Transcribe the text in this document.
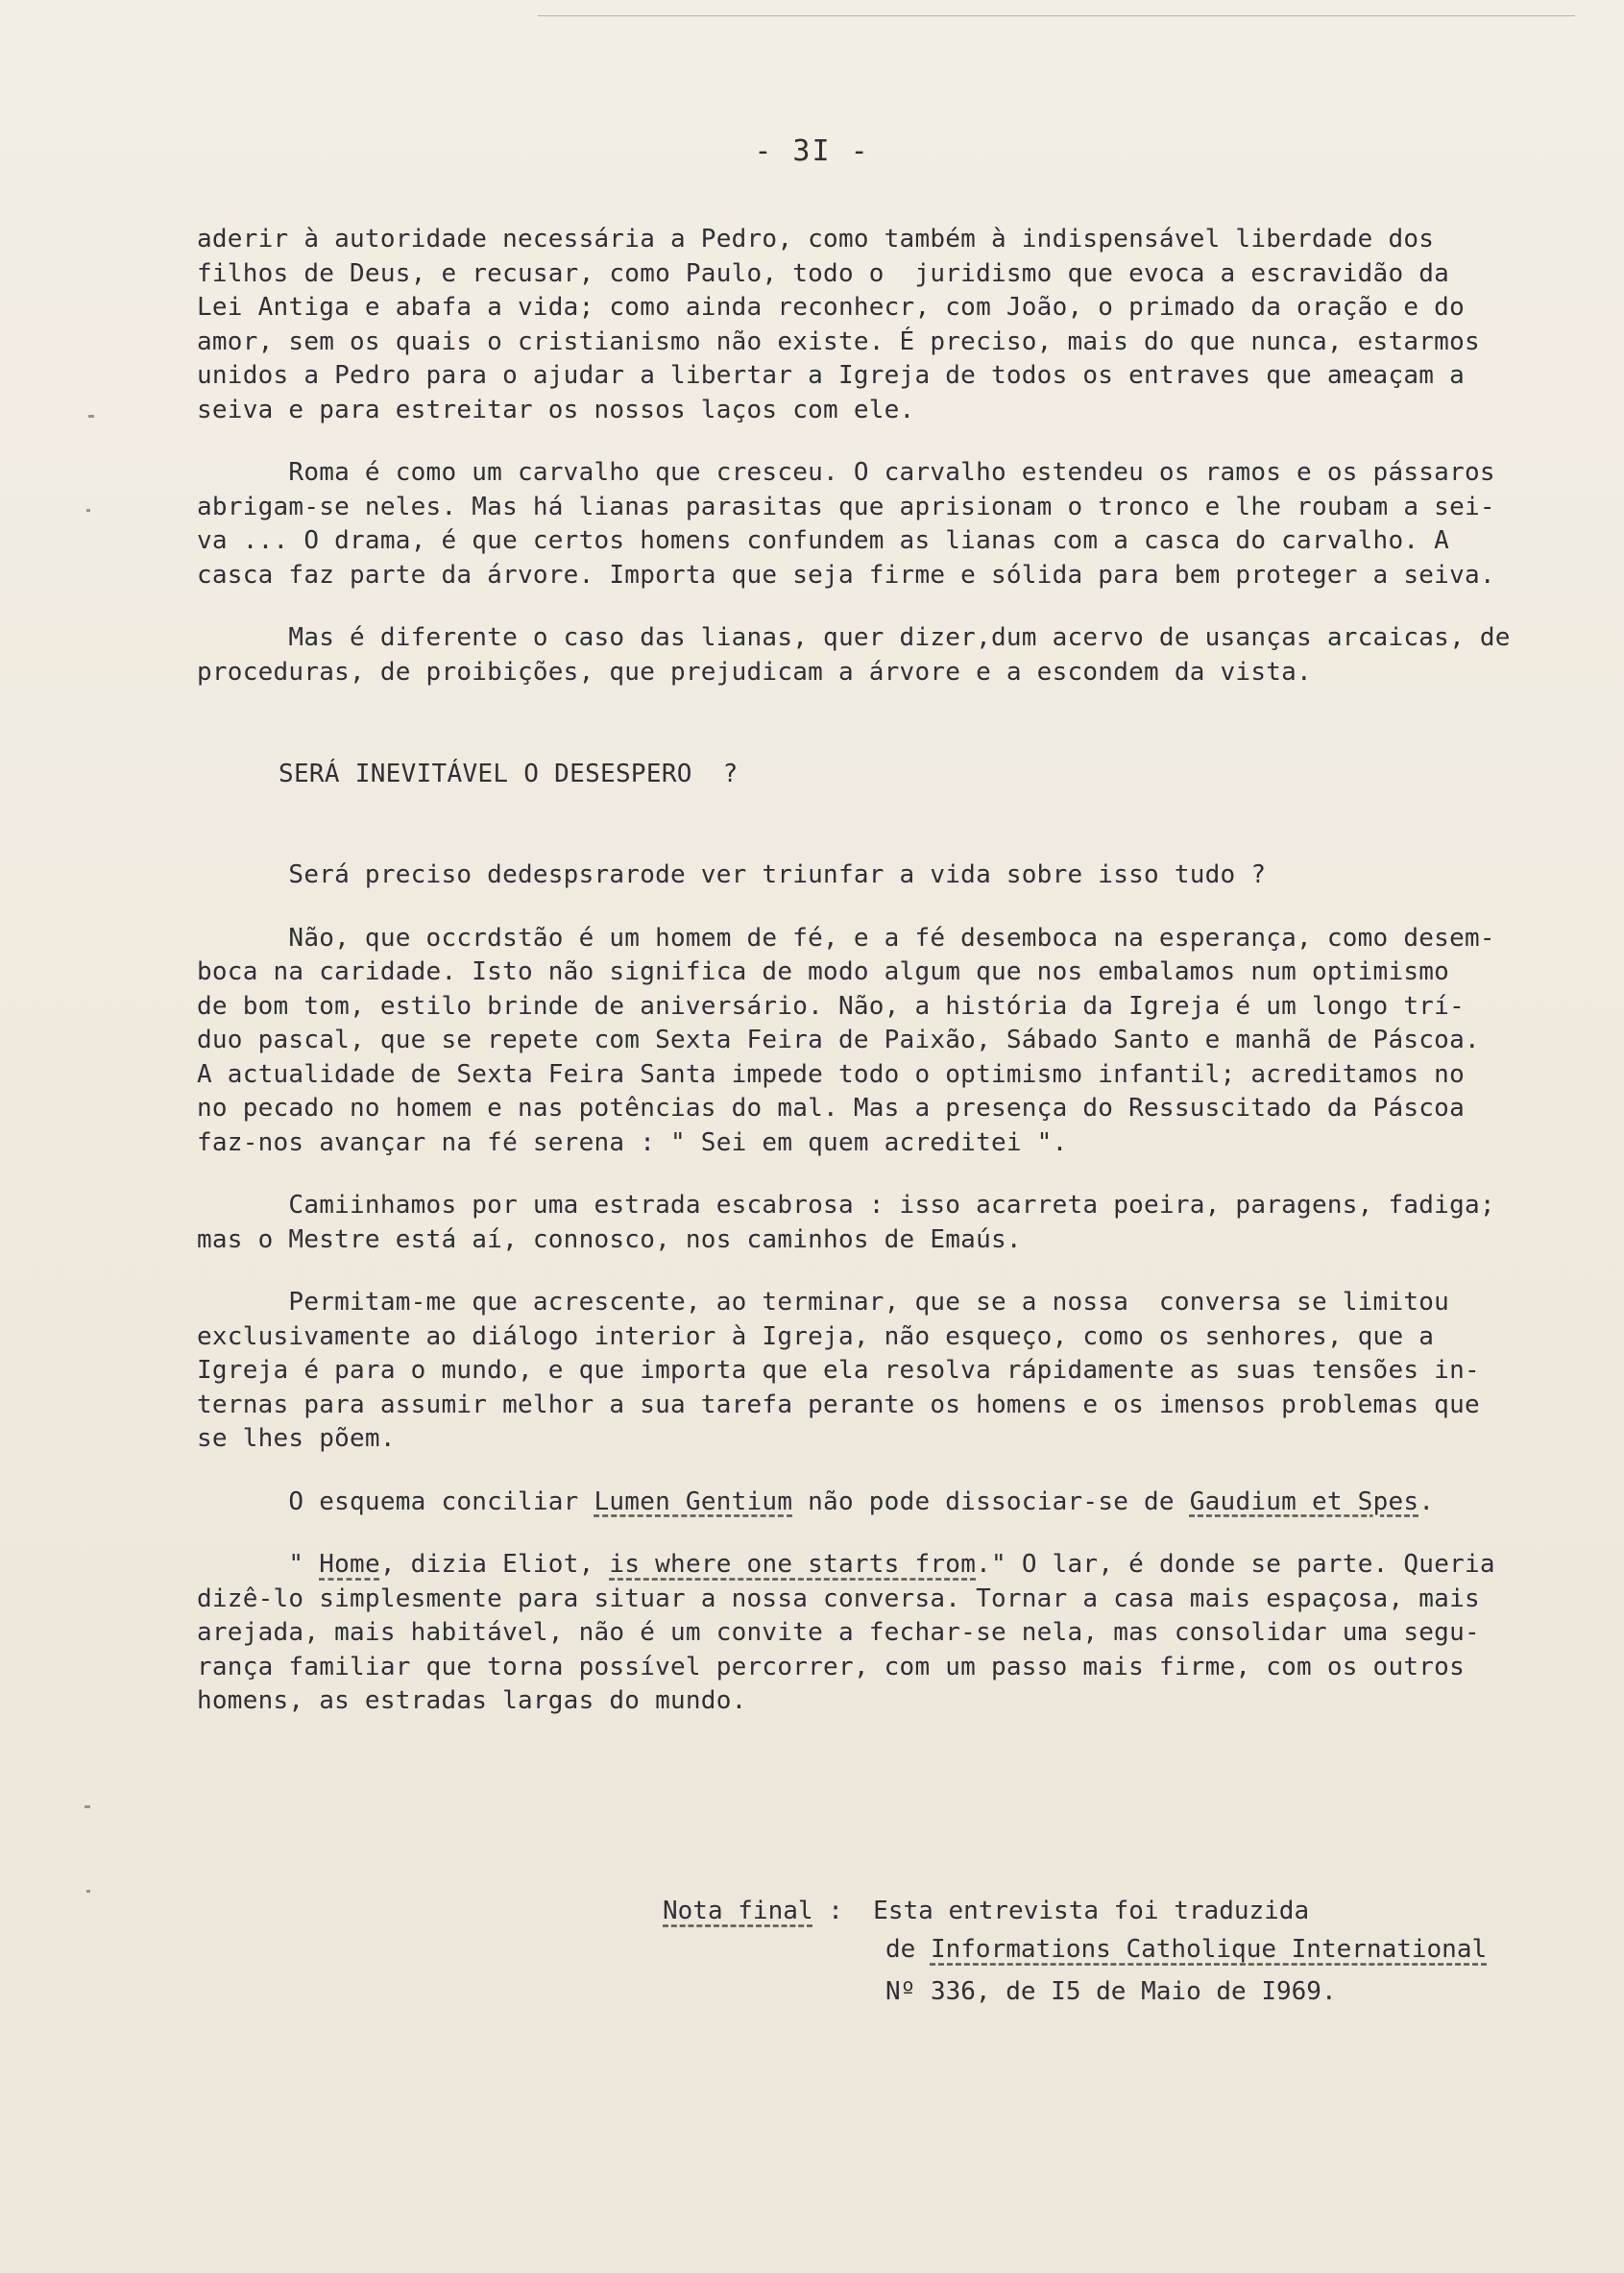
- 3I -

aderir à autoridade necessária a Pedro, como também à indispensável liberdade dos

filhos de Deus, e recusar, como Paulo, todo o  juridismo que evoca a escravidão da

Lei Antiga e abafa a vida; como ainda reconhecr, com João, o primado da oração e do

amor, sem os quais o cristianismo não existe. É preciso, mais do que nunca, estarmos

unidos a Pedro para o ajudar a libertar a Igreja de todos os entraves que ameaçam a

seiva e para estreitar os nossos laços com ele.

Roma é como um carvalho que cresceu. O carvalho estendeu os ramos e os pássaros

abrigam-se neles. Mas há lianas parasitas que aprisionam o tronco e lhe roubam a sei-

va ... O drama, é que certos homens confundem as lianas com a casca do carvalho. A

casca faz parte da árvore. Importa que seja firme e sólida para bem proteger a seiva.

Mas é diferente o caso das lianas, quer dizer,dum acervo de usanças arcaicas, de

proceduras, de proibições, que prejudicam a árvore e a escondem da vista.

SERÁ INEVITÁVEL O DESESPERO  ?

Será preciso dedespsrarode ver triunfar a vida sobre isso tudo ?

Não, que occrdstão é um homem de fé, e a fé desemboca na esperança, como desem-

boca na caridade. Isto não significa de modo algum que nos embalamos num optimismo

de bom tom, estilo brinde de aniversário. Não, a história da Igreja é um longo trí-

duo pascal, que se repete com Sexta Feira de Paixão, Sábado Santo e manhã de Páscoa.

A actualidade de Sexta Feira Santa impede todo o optimismo infantil; acreditamos no

no pecado no homem e nas potências do mal. Mas a presença do Ressuscitado da Páscoa

faz-nos avançar na fé serena : " Sei em quem acreditei ".

Camiinhamos por uma estrada escabrosa : isso acarreta poeira, paragens, fadiga;

mas o Mestre está aí, connosco, nos caminhos de Emaús.

Permitam-me que acrescente, ao terminar, que se a nossa  conversa se limitou

exclusivamente ao diálogo interior à Igreja, não esqueço, como os senhores, que a

Igreja é para o mundo, e que importa que ela resolva rápidamente as suas tensões in-

ternas para assumir melhor a sua tarefa perante os homens e os imensos problemas que

se lhes põem.

O esquema conciliar Lumen Gentium não pode dissociar-se de Gaudium et Spes.

" Home, dizia Eliot, is where one starts from." O lar, é donde se parte. Queria

dizê-lo simplesmente para situar a nossa conversa. Tornar a casa mais espaçosa, mais

arejada, mais habitável, não é um convite a fechar-se nela, mas consolidar uma segu-

rança familiar que torna possível percorrer, com um passo mais firme, com os outros

homens, as estradas largas do mundo.

Nota final :  Esta entrevista foi traduzida

de Informations Catholique International

Nº 336, de I5 de Maio de I969.
